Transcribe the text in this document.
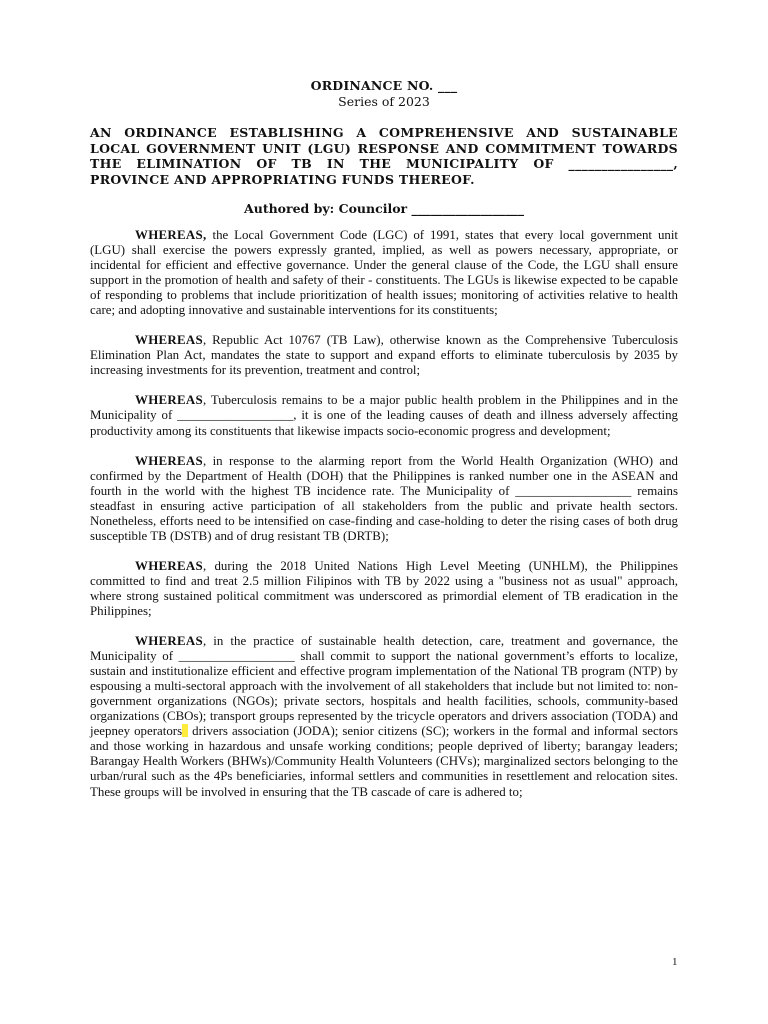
ORDINANCE NO. ___
Series of 2023
AN ORDINANCE ESTABLISHING A COMPREHENSIVE AND SUSTAINABLE LOCAL GOVERNMENT UNIT (LGU) RESPONSE AND COMMITMENT TOWARDS THE ELIMINATION OF TB IN THE MUNICIPALITY OF ________________, PROVINCE AND APPROPRIATING FUNDS THEREOF.
Authored by: Councilor __________________

WHEREAS, the Local Government Code (LGC) of 1991, states that every local government unit (LGU) shall exercise the powers expressly granted, implied, as well as powers necessary, appropriate, or incidental for efficient and effective governance. Under the general clause of the Code, the LGU shall ensure support in the promotion of health and safety of their - constituents. The LGUs is likewise expected to be capable of responding to problems that include prioritization of health issues; monitoring of activities relative to health care; and adopting innovative and sustainable interventions for its constituents;

WHEREAS, Republic Act 10767 (TB Law), otherwise known as the Comprehensive Tuberculosis Elimination Plan Act, mandates the state to support and expand efforts to eliminate tuberculosis by 2035 by increasing investments for its prevention, treatment and control;

WHEREAS, Tuberculosis remains to be a major public health problem in the Philippines and in the Municipality of __________________, it is one of the leading causes of death and illness adversely affecting productivity among its constituents that likewise impacts socio-economic progress and development;

WHEREAS, in response to the alarming report from the World Health Organization (WHO) and confirmed by the Department of Health (DOH) that the Philippines is ranked number one in the ASEAN and fourth in the world with the highest TB incidence rate. The Municipality of __________________ remains steadfast in ensuring active participation of all stakeholders from the public and private health sectors. Nonetheless, efforts need to be intensified on case-finding and case-holding to deter the rising cases of both drug susceptible TB (DSTB) and of drug resistant TB (DRTB);

WHEREAS, during the 2018 United Nations High Level Meeting (UNHLM), the Philippines committed to find and treat 2.5 million Filipinos with TB by 2022 using a "business not as usual" approach, where strong sustained political commitment was underscored as primordial element of TB eradication in the Philippines;

WHEREAS, in the practice of sustainable health detection, care, treatment and governance, the Municipality of __________________ shall commit to support the national government’s efforts to localize, sustain and institutionalize efficient and effective program implementation of the National TB program (NTP) by espousing a multi-sectoral approach with the involvement of all stakeholders that include but not limited to: non-government organizations (NGOs); private sectors, hospitals and health facilities, schools, community-based organizations (CBOs); transport groups represented by the tricycle operators and drivers association (TODA) and jeepney operators drivers association (JODA); senior citizens (SC); workers in the formal and informal sectors and those working in hazardous and unsafe working conditions; people deprived of liberty; barangay leaders; Barangay Health Workers (BHWs)/Community Health Volunteers (CHVs); marginalized sectors belonging to the urban/rural such as the 4Ps beneficiaries, informal settlers and communities in resettlement and relocation sites. These groups will be involved in ensuring that the TB cascade of care is adhered to;

1
